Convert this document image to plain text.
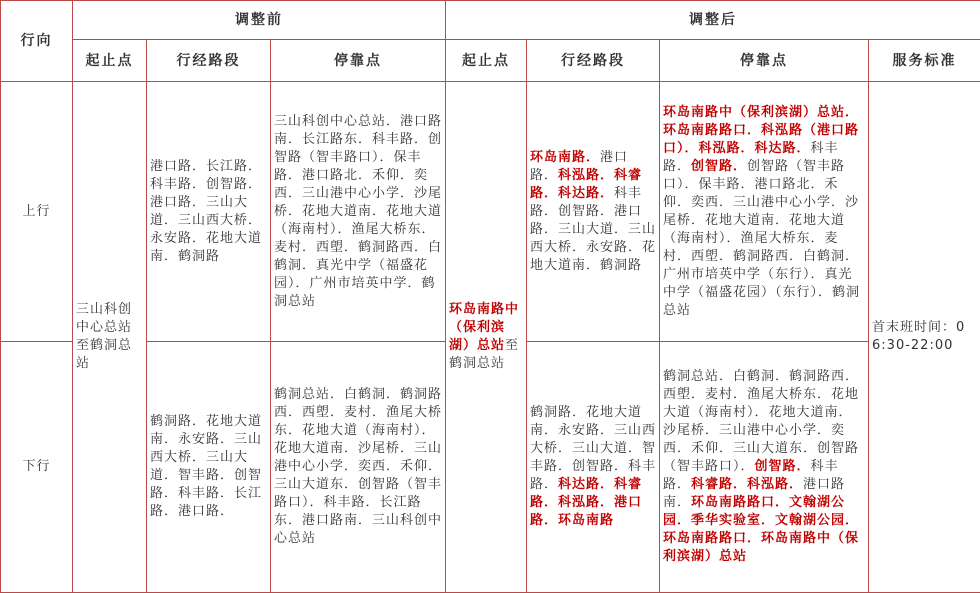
行向	调整前			调整后			
	起止点	行经路段	停靠点	起止点	行经路段	停靠点	服务标准
上行	三山科创中心总站至鹤洞总站	港口路．长江路．科丰路．创智路．港口路．三山大道．三山西大桥．永安路．花地大道南．鹤洞路	三山科创中心总站．港口路南．长江路东．科丰路．创智路（智丰路口）．保丰路．港口路北．禾仰．奕西．三山港中心小学．沙尾桥．花地大道南．花地大道（海南村）．渔尾大桥东．麦村．西塱．鹤洞路西．白鹤洞．真光中学（福盛花园）．广州市培英中学．鹤洞总站	环岛南路中（保利滨湖）总站至鹤洞总站	环岛南路．港口路．科泓路．科睿路．科达路．科丰路．创智路．港口路．三山大道．三山西大桥．永安路．花地大道南．鹤洞路	环岛南路中（保利滨湖）总站．环岛南路路口．科泓路（港口路口）．科泓路．科达路．科丰路．创智路．创智路（智丰路口）．保丰路．港口路北．禾仰．奕西．三山港中心小学．沙尾桥．花地大道南．花地大道（海南村）．渔尾大桥东．麦村．西塱．鹤洞路西．白鹤洞．广州市培英中学（东行）．真光中学（福盛花园）（东行）．鹤洞总站	首末班时间：06:30-22:00
下行		鹤洞路．花地大道南．永安路．三山西大桥．三山大道．智丰路．创智路．科丰路．长江路．港口路．	鹤洞总站．白鹤洞．鹤洞路西．西塱．麦村．渔尾大桥东．花地大道（海南村）．花地大道南．沙尾桥．三山港中心小学．奕西．禾仰．三山大道东．创智路（智丰路口）．科丰路．长江路东．港口路南．三山科创中心总站		鹤洞路．花地大道南．永安路．三山西大桥．三山大道．智丰路．创智路．科丰路．科达路．科睿路．科泓路．港口路．环岛南路	鹤洞总站．白鹤洞．鹤洞路西．西塱．麦村．渔尾大桥东．花地大道（海南村）．花地大道南．沙尾桥．三山港中心小学．奕西．禾仰．三山大道东．创智路（智丰路口）．创智路．科丰路．科睿路．科泓路．港口路南．环岛南路路口．文翰湖公园．季华实验室．文翰湖公园．环岛南路路口．环岛南路中（保利滨湖）总站	
